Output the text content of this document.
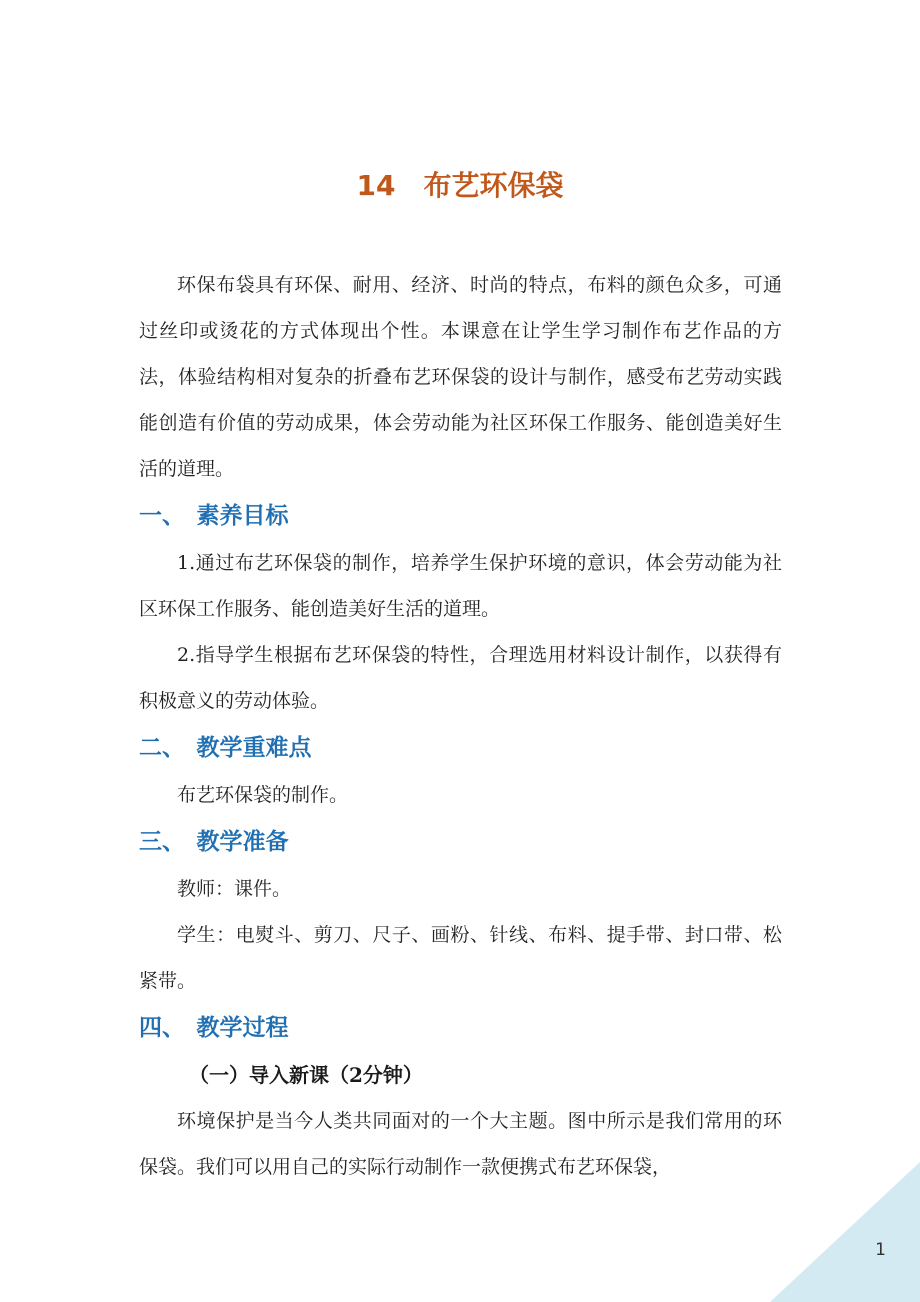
14　布艺环保袋

环保布袋具有环保、耐用、经济、时尚的特点，布料的颜色众多，可通过丝印或烫花的方式体现出个性。本课意在让学生学习制作布艺作品的方法，体验结构相对复杂的折叠布艺环保袋的设计与制作，感受布艺劳动实践能创造有价值的劳动成果，体会劳动能为社区环保工作服务、能创造美好生活的道理。

一、　素养目标

1.通过布艺环保袋的制作，培养学生保护环境的意识，体会劳动能为社区环保工作服务、能创造美好生活的道理。

2.指导学生根据布艺环保袋的特性，合理选用材料设计制作，以获得有积极意义的劳动体验。

二、　教学重难点

布艺环保袋的制作。

三、　教学准备

教师：课件。

学生：电熨斗、剪刀、尺子、画粉、针线、布料、提手带、封口带、松紧带。

四、　教学过程

（一）导入新课（2分钟）

环境保护是当今人类共同面对的一个大主题。图中所示是我们常用的环保袋。我们可以用自己的实际行动制作一款便携式布艺环保袋，

1
